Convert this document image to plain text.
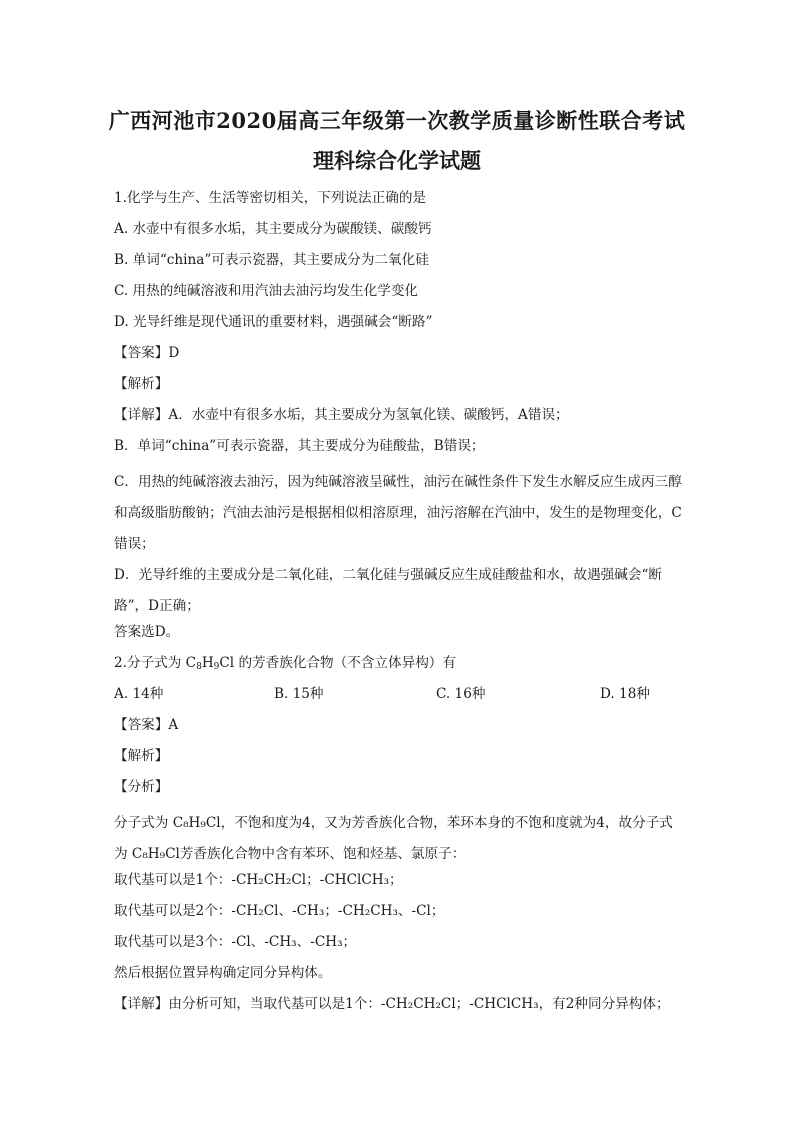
广西河池市2020届高三年级第一次教学质量诊断性联合考试
理科综合化学试题
1.化学与生产、生活等密切相关，下列说法正确的是
A. 水壶中有很多水垢，其主要成分为碳酸镁、碳酸钙
B. 单词“china”可表示瓷器，其主要成分为二氧化硅
C. 用热的纯碱溶液和用汽油去油污均发生化学变化
D. 光导纤维是现代通讯的重要材料，遇强碱会“断路”
【答案】D
【解析】
【详解】A．水壶中有很多水垢，其主要成分为氢氧化镁、碳酸钙，A错误；
B．单词“china”可表示瓷器，其主要成分为硅酸盐，B错误；
C．用热的纯碱溶液去油污，因为纯碱溶液呈碱性，油污在碱性条件下发生水解反应生成丙三醇和高级脂肪酸钠；汽油去油污是根据相似相溶原理，油污溶解在汽油中，发生的是物理变化，C错误；
D．光导纤维的主要成分是二氧化硅，二氧化硅与强碱反应生成硅酸盐和水，故遇强碱会“断路”，D正确；
答案选D。
2.分子式为 $C_8H_9Cl$ 的芳香族化合物（不含立体异构）有
A. 14种	B. 15种	C. 16种	D. 18种
【答案】A
【解析】
【分析】
分子式为 C₈H₉Cl，不饱和度为4，又为芳香族化合物，苯环本身的不饱和度就为4，故分子式为 C₈H₉Cl芳香族化合物中含有苯环、饱和烃基、氯原子：
取代基可以是1个：-CH₂CH₂Cl；-CHClCH₃；
取代基可以是2个：-CH₂Cl、-CH₃；-CH₂CH₃、-Cl；
取代基可以是3个：-Cl、-CH₃、-CH₃；
然后根据位置异构确定同分异构体。
【详解】由分析可知，当取代基可以是1个：-CH₂CH₂Cl；-CHClCH₃，有2种同分异构体；
